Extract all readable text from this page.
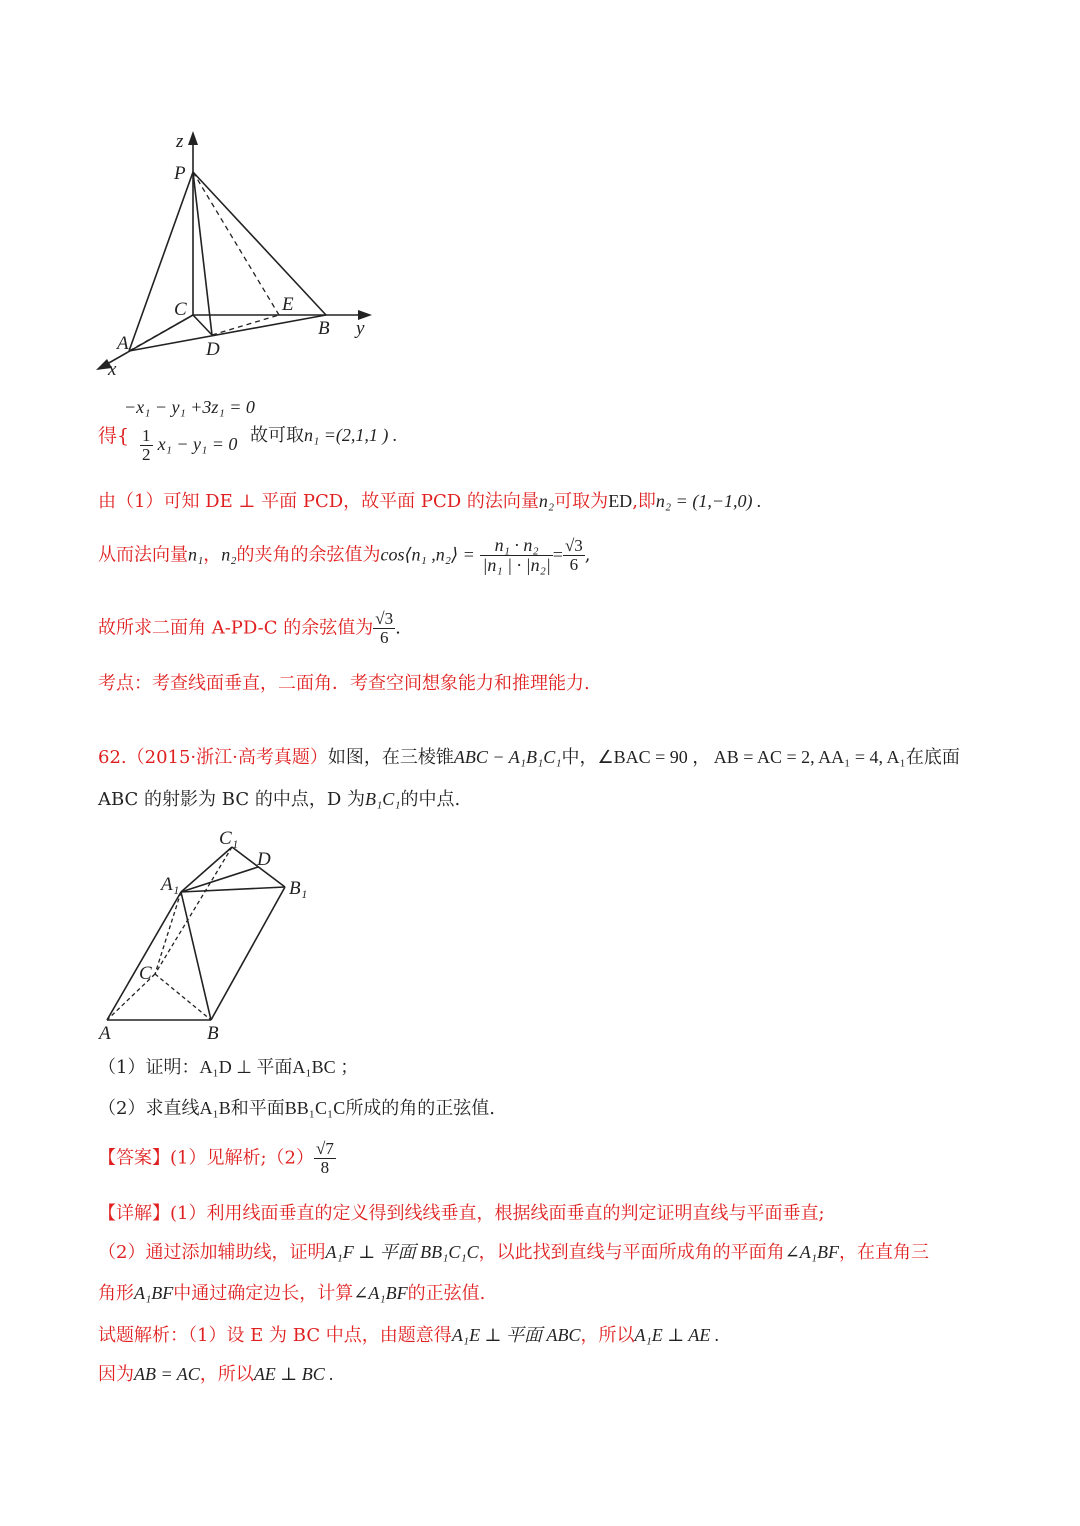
z
P
C	E
B y
A	D
x
−x₁ − y₁ +3z₁ = 0
得{ $\frac{1}{2} x_1 - y_1 = 0$ 故可取n₁ =(2,1,1 ) .
由（1）可知 DE ⊥ 平面 PCD，故平面 PCD 的法向量n₂可取为ED,即n₂ = (1,−1,0) .
从而法向量n₁，n₂的夹角的余弦值为cos⟨n₁ ,n₂⟩ = $\frac{\text{n₁ · n₂}}{\text{|n₁ | · |n₂|}} = \frac{√3}{6}$ ,
故所求二面角 A-PD-C 的余弦值为 $\frac{√3}{6}$ .
考点：考查线面垂直，二面角．考查空间想象能力和推理能力.
62.（2015·浙江·高考真题）如图，在三棱锥ABC − A₁B₁C₁中，∠BAC = 90 ， AB = AC = 2, AA₁ = 4, A₁在底面
ABC 的射影为 BC 的中点，D 为B₁C₁的中点.
C₁
D
A₁	B₁
C
A	B
（1）证明：A₁D ⊥ 平面A₁BC ；
（2）求直线A₁B和平面BB₁C₁C所成的角的正弦值.
【答案】(1）见解析;（2） $\frac{√7}{8}$
【详解】(1）利用线面垂直的定义得到线线垂直，根据线面垂直的判定证明直线与平面垂直;
（2）通过添加辅助线，证明A₁F ⊥ 平面 BB₁C₁C，以此找到直线与平面所成角的平面角∠A₁BF，在直角三
角形A₁BF中通过确定边长，计算∠A₁BF的正弦值.
试题解析：（1）设 E 为 BC 中点，由题意得A₁E ⊥ 平面 ABC，所以A₁E ⊥ AE .
因为AB = AC，所以AE ⊥ BC .
